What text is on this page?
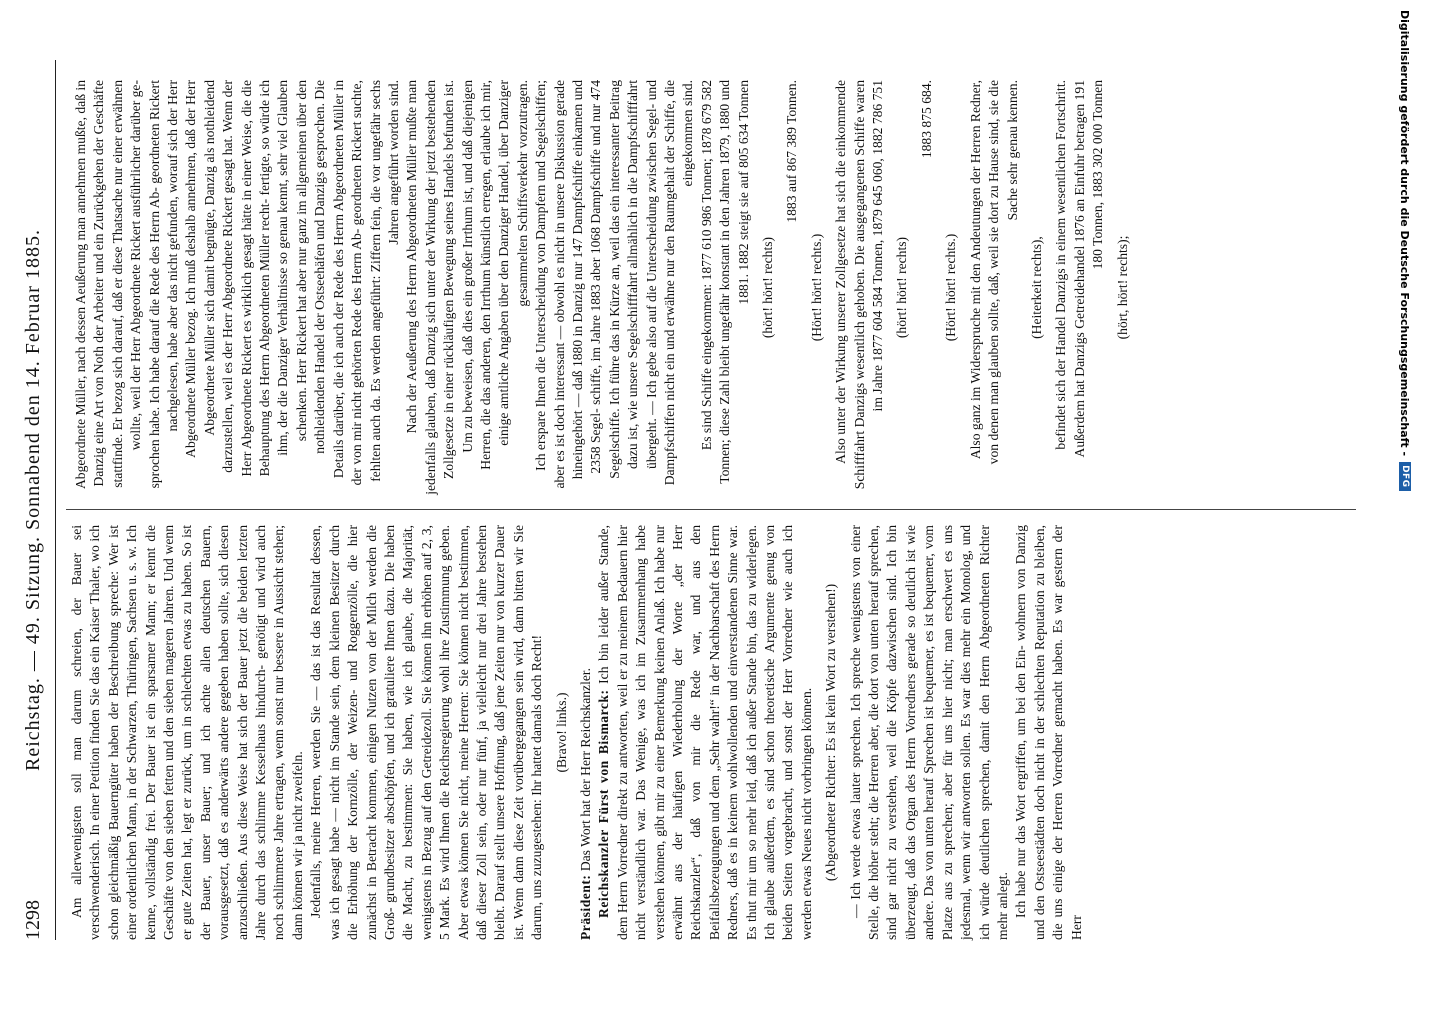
1298
Reichstag. — 49. Sitzung. Sonnabend den 14. Februar 1885. Am allerwenigsten soll man darum schreien, der Bauer sei verschwenderisch. In einer Petition finden Sie das ein Kaiser Thaler, wo ich schon gleichmäßig Bauerngüter haben der Beschreibung spreche: Wer ist einer ordentlichen Mann, in der Schwarzen, Thüringen, Sachsen u. s. w. Ich kenne, vollständig frei. Der Bauer ist ein sparsamer Mann; er kennt die Geschäfte von den sieben fetten und den sieben mageren Jahren. Und wenn er gute Zeiten hat, legt er zurück, um in schlechten etwas zu haben. So ist der Bauer, unser Bauer; und ich achte allen deutschen Bauern, vorausgesetzt, daß es anderwärts andere gegeben haben sollte, sich diesen anzuschließen. Aus diese Weise hat sich der Bauer jetzt die beiden letzten Jahre durch das schlimme Kesselhaus hindurch- genötigt und wird auch noch schlimmere Jahre ertragen, wenn sonst nur bessere in Aussicht stehen; dann können wir ja nicht zweifeln. Jedenfalls, meine Herren, werden Sie — das ist das Resultat dessen, was ich gesagt habe — nicht im Stande sein, dem kleinen Besitzer durch die Erhöhung der Kornzölle, der Weizen- und Roggenzölle, die hier zunächst in Betracht kommen, einigen Nutzen von der Milch werden die Groß- grundbesitzer abschöpfen, und ich gratuliere Ihnen dazu. Die haben die Macht, zu bestimmen: Sie haben, wie ich glaube, die Majorität, wenigstens in Bezug auf den Getreidezoll. Sie können ihn erhöhen auf 2, 3, 5 Mark. Es wird Ihnen die Reichsregierung wohl ihre Zustimmung geben. Aber etwas können Sie nicht, meine Herren: Sie können nicht bestimmen, daß dieser Zoll sein, oder nur fünf, ja vielleicht nur drei Jahre bestehen bleibt. Darauf stellt unsere Hoffnung, daß jene Zeiten nur von kurzer Dauer ist. Wenn dann diese Zeit vorübergegangen sein wird, dann bitten wir Sie darum, uns zuzugestehen: Ihr hattet damals doch Recht! (Bravo! links.)

Präsident: Das Wort hat der Herr Reichskanzler. Reichskanzler Fürst von Bismarck: Ich bin leider außer Stande, dem Herrn Vorredner direkt zu antworten, weil er zu meinem Bedauern hier nicht verständlich war. Das Wenige, was ich im Zusammenhang habe verstehen können, gibt mir zu einer Bemerkung keinen Anlaß. Ich habe nur erwähnt aus der häufigen Wiederholung der Worte „der Herr Reichskanzler“, daß von mir die Rede war, und aus den Beifallsbezeugungen und dem „Sehr wahr!“ in der Nachbarschaft des Herrn Redners, daß es in keinem wohlwollenden und einverstandenen Sinne war. Es thut mir um so mehr leid, daß ich außer Stande bin, das zu widerlegen. Ich glaube außerdem, es sind schon theoretische Argumente genug von beiden Seiten vorgebracht, und sonst der Herr Vorredner wie auch ich werden etwas Neues nicht vorbringen können. (Abgeordneter Richter: Es ist kein Wort zu verstehen!) — Ich werde etwas lauter sprechen. Ich spreche wenigstens von einer Stelle, die höher steht; die Herren aber, die dort von unten herauf sprechen, sind gar nicht zu verstehen, weil die Köpfe dazwischen sind. Ich bin überzeugt, daß das Organ des Herrn Vorredners gerade so deutlich ist wie andere. Das von unten herauf Sprechen ist bequemer, es ist bequemer, vom Platze aus zu sprechen; aber für uns hier nicht; man erschwert es uns jedesmal, wenn wir antworten sollen. Es war dies mehr ein Monolog, und ich würde deutlichen sprechen, damit den Herrn Abgeordneten Richter mehr anlegt. Ich habe nur das Wort ergriffen, um bei den Ein- wohnern von Danzig und den Ostseestädten doch nicht in der schlechten Reputation zu bleiben, die uns einige der Herren Vorredner gemacht haben. Es war gestern der Herr

Abgeordnete Müller, nach dessen Aeußerung man annehmen mußte, daß in Danzig eine Art von Noth der Arbeiter und ein Zurückgehen der Geschäfte stattfinde. Er bezog sich darauf, daß er diese Thatsache nur einer erwähnen wollte, weil der Herr Abgeordnete Rickert ausführlicher darüber ge- sprochen habe. Ich habe darauf die Rede des Herrn Ab- geordneten Rickert nachgelesen, habe aber das nicht gefunden, worauf sich der Herr Abgeordnete Müller bezog. Ich muß deshalb annehmen, daß der Herr Abgeordnete Müller sich damit begnügte, Danzig als nothleidend darzustellen, weil es der Herr Abgeordnete Rickert gesagt hat. Wenn der Herr Abgeordnete Rickert es wirklich gesagt hätte in einer Weise, die die Behauptung des Herrn Abgeordneten Müller recht- fertigte, so würde ich ihm, der die Danziger Verhältnisse so genau kennt, sehr viel Glauben schenken. Herr Rickert hat aber nur ganz im allgemeinen über den nothleidenden Handel der Ostseehäfen und Danzigs gesprochen. Die Details darüber, die ich auch der Rede des Herrn Abgeordneten Müller in der von mir nicht gehörten Rede des Herrn Ab- geordneten Rickert suchte, fehlten auch da. Es werden angeführt: Ziffern fein, die vor ungefähr sechs Jahren angeführt worden sind. Nach der Aeußerung des Herrn Abgeordneten Müller mußte man jedenfalls glauben, daß Danzig sich unter der Wirkung der jetzt bestehenden Zollgesetze in einer rückläufigen Bewegung seines Handels befunden ist. Um zu beweisen, daß dies ein großer Irrthum ist, und daß diejenigen Herren, die das anderen, den Irrthum künstlich erregen, erlaube ich mir, einige amtliche Angaben über den Danziger Handel, über Danziger gesammelten Schiffsverkehr vorzutragen. Ich erspare Ihnen die Unterscheidung von Dampfern und Segelschiffen; aber es ist doch interessant — obwohl es nicht in unsere Diskussion gerade hineingehört — daß 1880 in Danzig nur 147 Dampfschiffe einkamen und 2358 Segel- schiffe, im Jahre 1883 aber 1068 Dampfschiffe und nur 474 Segelschiffe. Ich führe das in Kürze an, weil das ein interessanter Beitrag dazu ist, wie unsere Segelschifffahrt allmählich in die Dampfschifffahrt übergeht. — Ich gebe also auf die Unterscheidung zwischen Segel- und Dampfschiffen nicht ein und erwähne nur den Raumgehalt der Schiffe, die eingekommen sind. Es sind Schiffe eingekommen: 1877 610 986 Tonnen; 1878 679 582 Tonnen; diese Zahl bleibt ungefähr konstant in den Jahren 1879, 1880 und 1881. 1882 steigt sie auf 805 634 Tonnen (hört! hört! rechts)

1883 auf 867 389 Tonnen.

(Hört! hört! rechts.) Also unter der Wirkung unserer Zollgesetze hat sich die einkommende Schifffahrt Danzigs wesentlich gehoben. Die ausgegangenen Schiffe waren im Jahre 1877 604 584 Tonnen, 1879 645 060, 1882 786 751 (hört! hört! rechts)

1883 875 684.

(Hört! hört! rechts.) Also ganz im Widerspruche mit den Andeutungen der Herren Redner, von denen man glauben sollte, daß, weil sie dort zu Hause sind, sie die Sache sehr genau kennen.

(Heiterkeit rechts), befindet sich der Handel Danzigs in einem wesentlichen Fortschritt. Außerdem hat Danzigs Getreidehandel 1876 an Einfuhr betragen 191 180 Tonnen, 1883 302 000 Tonnen

(hört, hört! rechts);	Digitalisierung gefördert durch die Deutsche Forschungsgemeinschaft -
DFG
